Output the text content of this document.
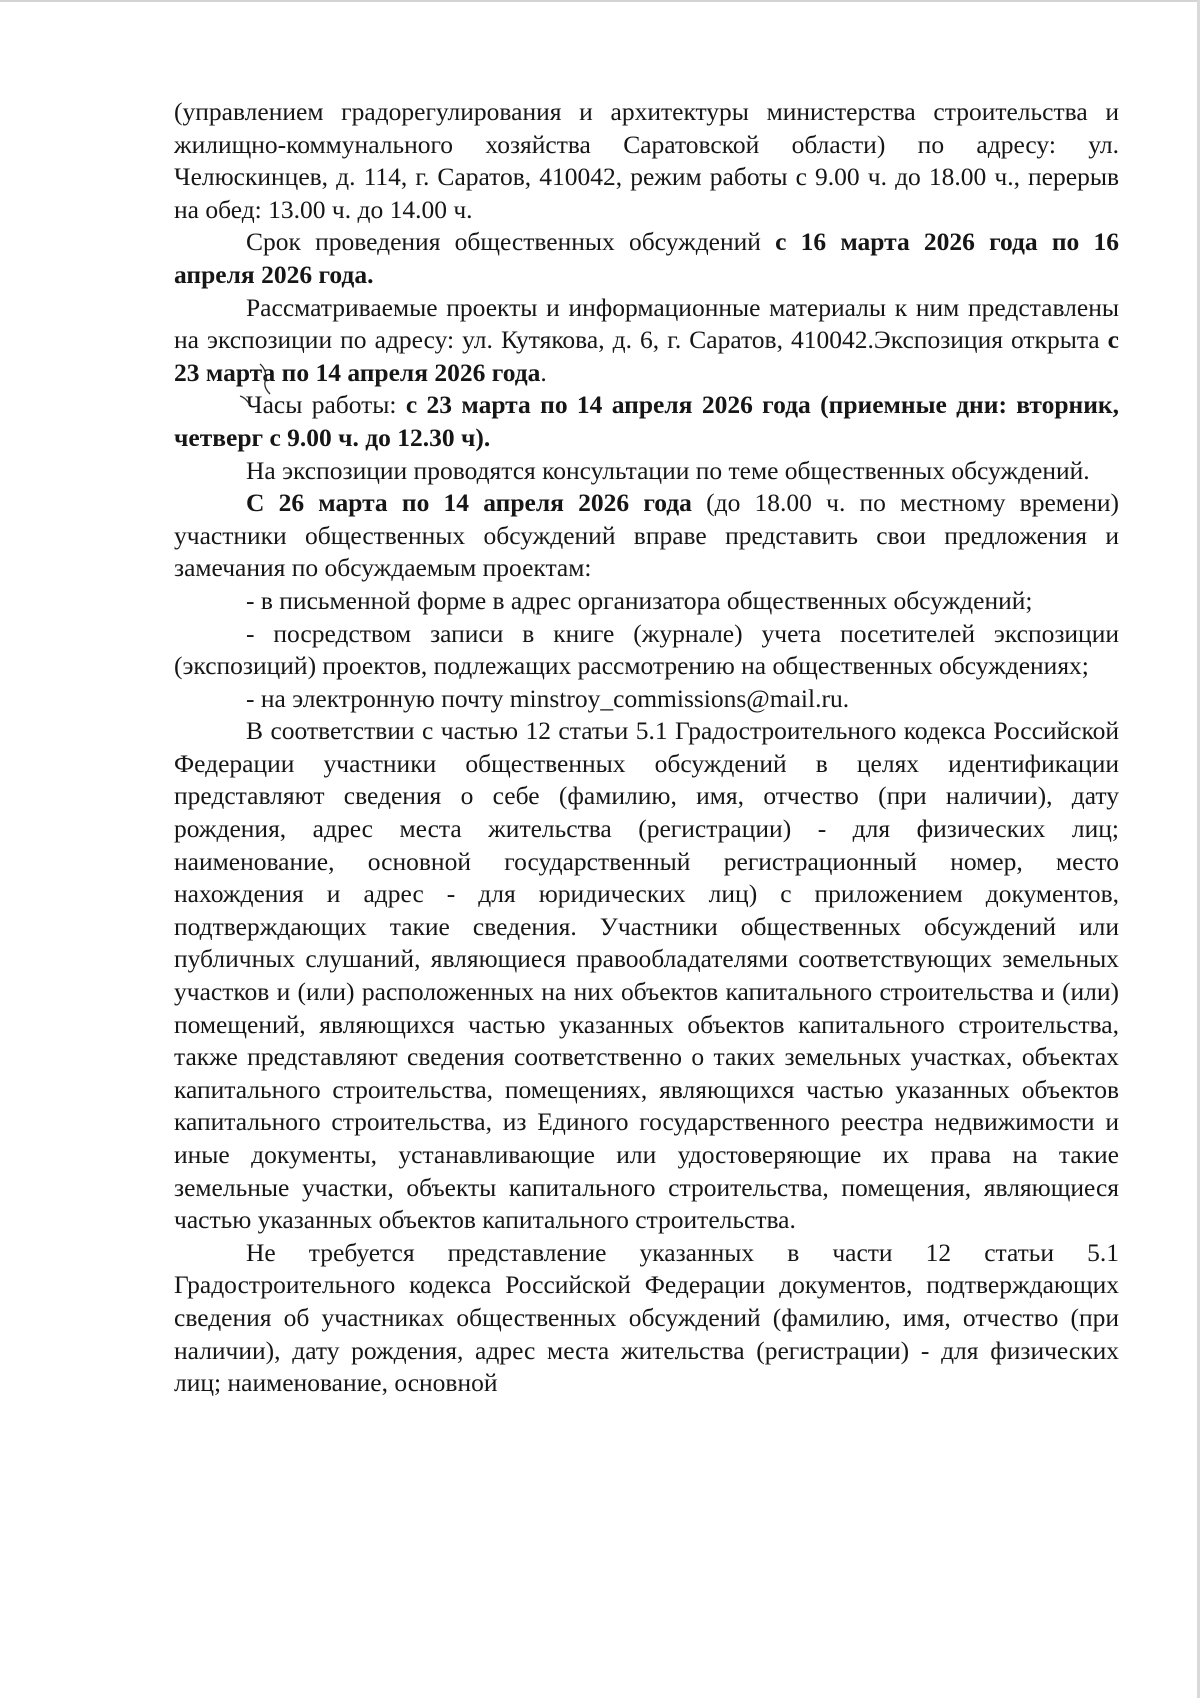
(управлением градорегулирования и архитектуры министерства строительства и жилищно-коммунального хозяйства Саратовской области) по адресу: ул. Челюскинцев, д. 114, г. Саратов, 410042, режим работы с 9.00 ч. до 18.00 ч., перерыв на обед: 13.00 ч. до 14.00 ч.

Срок проведения общественных обсуждений с 16 марта 2026 года по 16 апреля 2026 года.

Рассматриваемые проекты и информационные материалы к ним представлены на экспозиции по адресу: ул. Кутякова, д. 6, г. Саратов, 410042.Экспозиция открыта с 23 марта по 14 апреля 2026 года.

Часы работы: с 23 марта по 14 апреля 2026 года (приемные дни: вторник, четверг с 9.00 ч. до 12.30 ч).

На экспозиции проводятся консультации по теме общественных обсуждений.

С 26 марта по 14 апреля 2026 года (до 18.00 ч. по местному времени) участники общественных обсуждений вправе представить свои предложения и замечания по обсуждаемым проектам:

- в письменной форме в адрес организатора общественных обсуждений;

- посредством записи в книге (журнале) учета посетителей экспозиции (экспозиций) проектов, подлежащих рассмотрению на общественных обсуждениях;

- на электронную почту minstroy_commissions@mail.ru.

В соответствии с частью 12 статьи 5.1 Градостроительного кодекса Российской Федерации участники общественных обсуждений в целях идентификации представляют сведения о себе (фамилию, имя, отчество (при наличии), дату рождения, адрес места жительства (регистрации) - для физических лиц; наименование, основной государственный регистрационный номер, место нахождения и адрес - для юридических лиц) с приложением документов, подтверждающих такие сведения. Участники общественных обсуждений или публичных слушаний, являющиеся правообладателями соответствующих земельных участков и (или) расположенных на них объектов капитального строительства и (или) помещений, являющихся частью указанных объектов капитального строительства, также представляют сведения соответственно о таких земельных участках, объектах капитального строительства, помещениях, являющихся частью указанных объектов капитального строительства, из Единого государственного реестра недвижимости и иные документы, устанавливающие или удостоверяющие их права на такие земельные участки, объекты капитального строительства, помещения, являющиеся частью указанных объектов капитального строительства.

Не требуется представление указанных в части 12 статьи 5.1 Градостроительного кодекса Российской Федерации документов, подтверждающих сведения об участниках общественных обсуждений (фамилию, имя, отчество (при наличии), дату рождения, адрес места жительства (регистрации) - для физических лиц; наименование, основной
